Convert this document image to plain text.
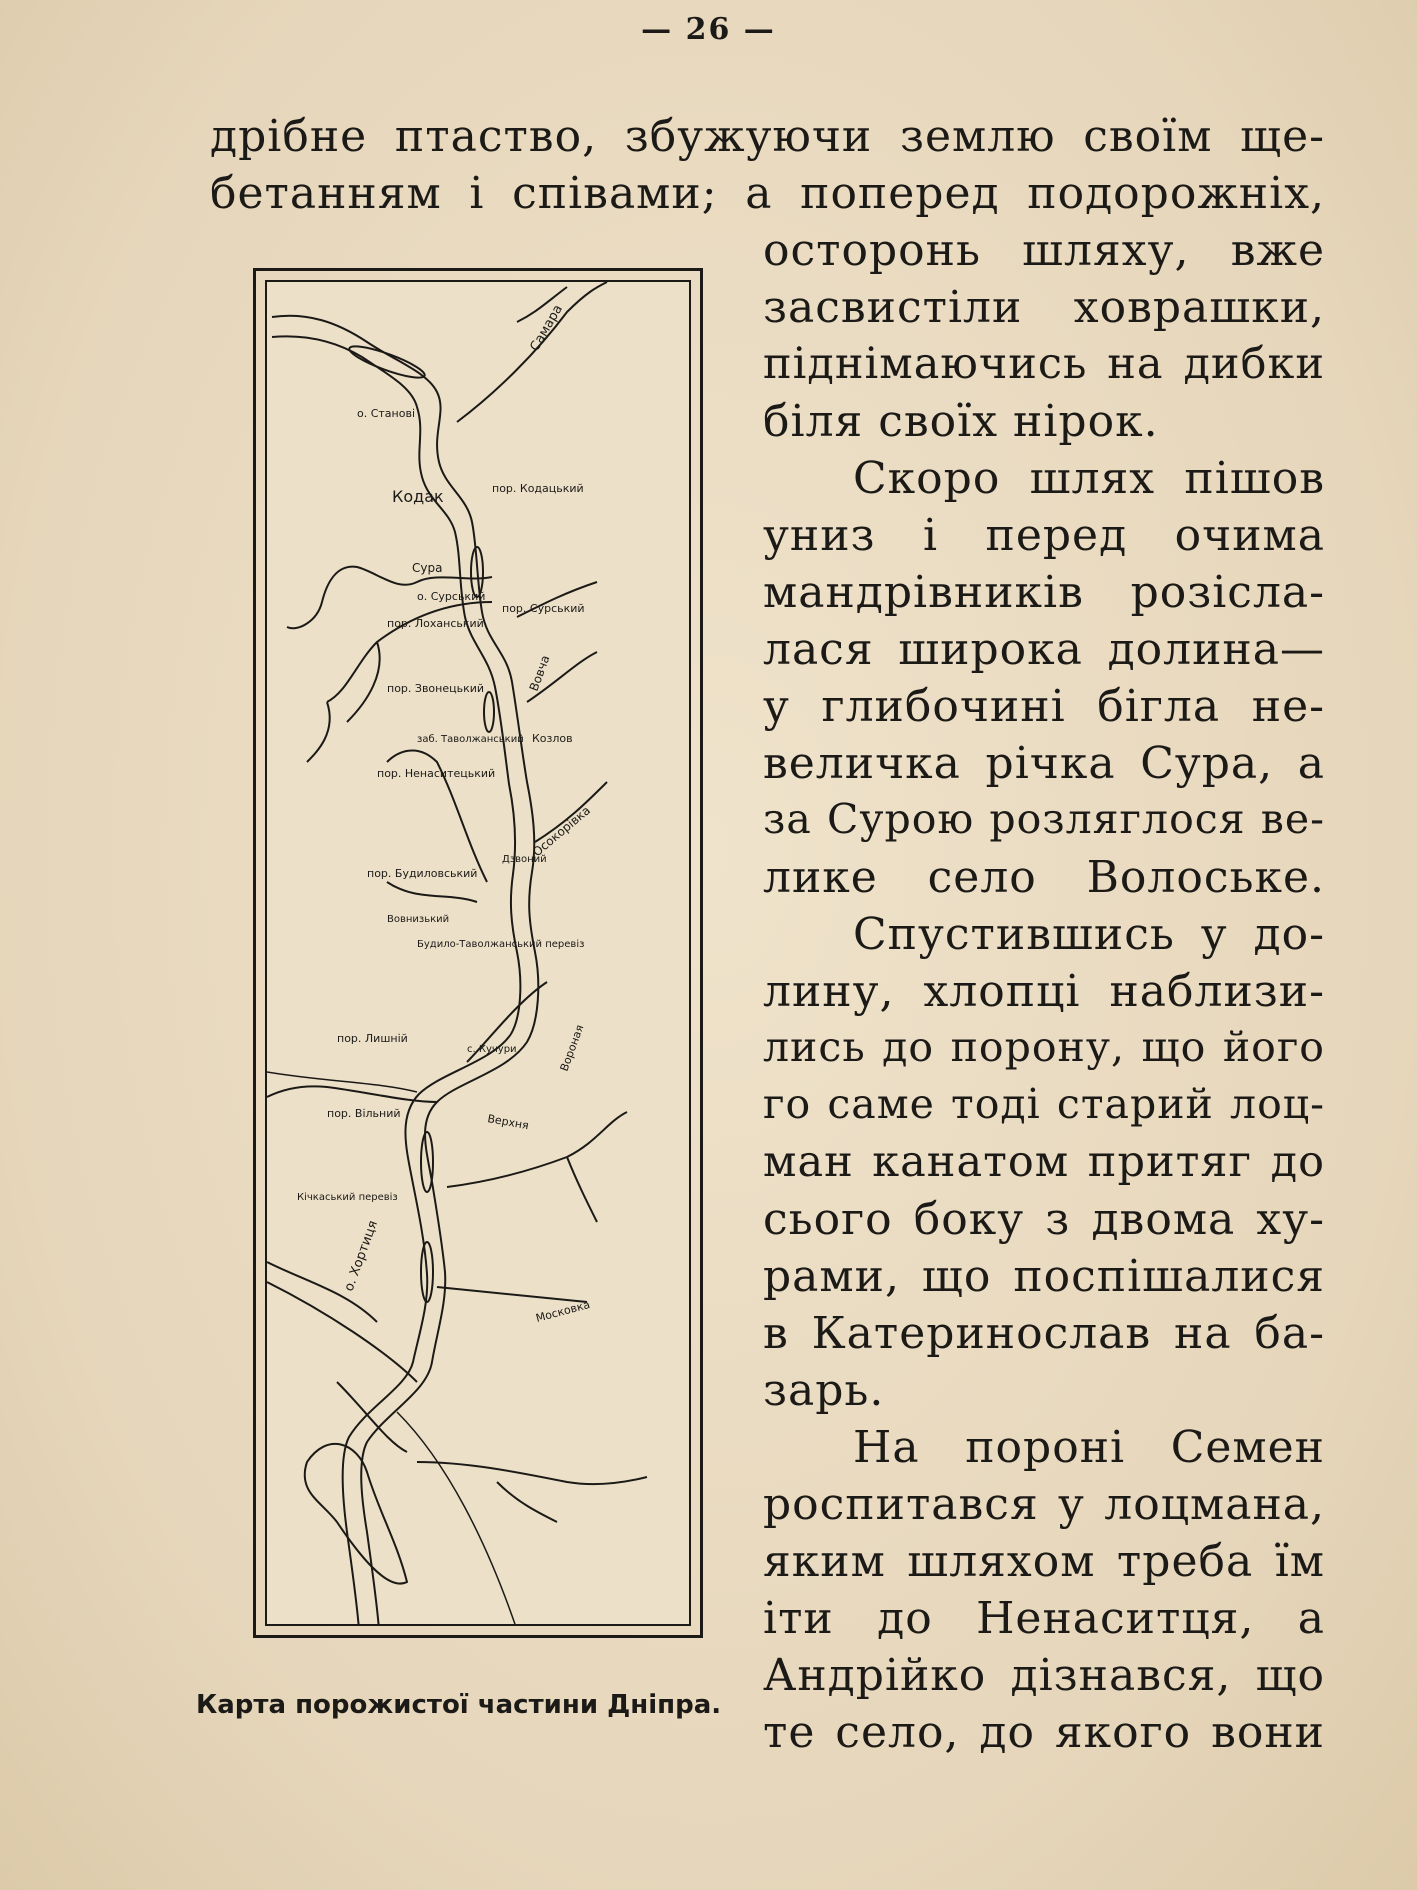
— 26 —
дрібне птаство, збужуючи землю своїм ще-
бетанням і співами; а поперед подорожніх,
осторонь шляху, вже
засвистіли ховрашки,
піднімаючись на дибки
біля своїх нірок.
Скоро шлях пішов
униз і перед очима
мандрівників розісла-
лася широка долина—
у глибочині бігла не-
величка річка Сура, а
за Сурою розляглося ве-
лике село Волоське.
Спустившись у до-
лину, хлопці наблизи-
лись до порону, що його
го саме тоді старий лоц-
ман канатом притяг до
сього боку з двома ху-
рами, що поспішалися
в Катеринослав на ба-
зарь.
На пороні Семен
роспитався у лоцмана,
яким шляхом треба їм
іти до Ненаситця, а
Андрійко дізнався, що
те село, до якого вони
Самара
о. Станові
Кодак	пор. Кодацький
Сура
о. Сурський
пор. Лоханський
пор. Сурський
пор. Звонецький	Вовча
заб. Таволжанський Козлов
пор. Ненаситецький
Осокорівка
пор. Будиловський
Дзвоний
Вовнизький
Будило-Таволжанський перевіз
пор. Лишній
с. Кучури	Вороная
пор. Вільний	Верхня
Кічкаський перевіз
о. Хортиця
Московка
Карта порожистої частини Дніпра.
